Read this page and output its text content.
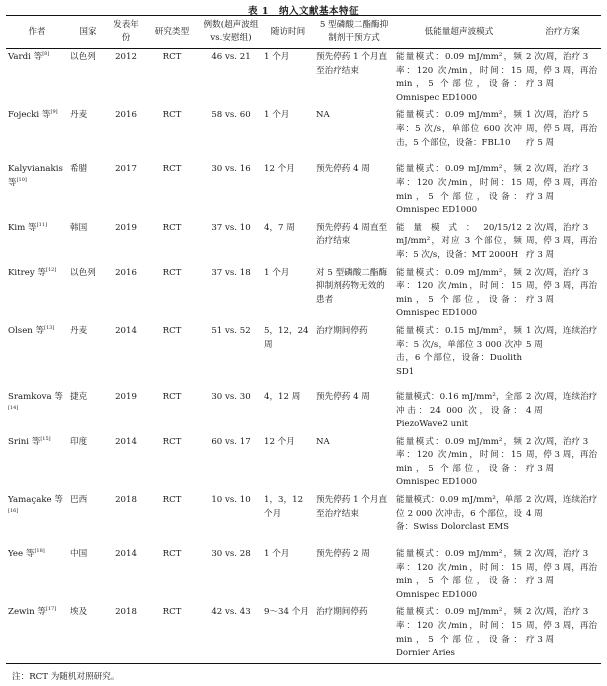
表 1　纳入文献基本特征
作者	国家	发表年份	研究类型	例数(超声波组 vs.安慰组)	随访时间	5 型磷酸二酯酶抑制剂干预方式	低能量超声波模式	治疗方案
Vardi 等[8]	以色列	2012	RCT	46 vs. 21	1 个月	预先停药 1 个月直至治疗结束	能量模式：0.09 mJ/mm²，频率：120 次/min，时间：15 min，5 个部位，设备：Omnispec ED1000	2 次/周，治疗 3 周，停 3 周，再治疗 3 周
Fojecki 等[9]	丹麦	2016	RCT	58 vs. 60	1 个月	NA	能量模式：0.09 mJ/mm²，频率：5 次/s，单部位 600 次冲击，5 个部位，设备：FBL10	1 次/周，治疗 5 周，停 5 周，再治疗 5 周
Kalyvianakis 等[10]	希腊	2017	RCT	30 vs. 16	12 个月	预先停药 4 周	能量模式：0.09 mJ/mm²，频率：120 次/min，时间：15 min，5 个部位，设备：Omnispec ED1000	2 次/周，治疗 3 周，停 3 周，再治疗 3 周
Kim 等[11]	韩国	2019	RCT	37 vs. 10	4，7 周	预先停药 4 周直至治疗结束	能量模式：20/15/12 mJ/mm²，对应 3 个部位，频率：5 次/s，设备：MT 2000H	2 次/周，治疗 3 周，停 3 周，再治疗 3 周
Kitrey 等[12]	以色列	2016	RCT	37 vs. 18	1 个月	对 5 型磷酸二酯酶抑制剂药物无效的患者	能量模式：0.09 mJ/mm²，频率：120 次/min，时间：15 min，5 个部位，设备：Omnispec ED1000	2 次/周，治疗 3 周，停 3 周，再治疗 3 周
Olsen 等[13]	丹麦	2014	RCT	51 vs. 52	5，12，24 周	治疗期间停药	能量模式：0.15 mJ/mm²，频率：5 次/s，单部位 3 000 次冲击，6 个部位，设备：Duolith SD1	1 次/周，连续治疗 5 周
Sramkova 等[14]	捷克	2019	RCT	30 vs. 30	4，12 周	预先停药 4 周	能量模式：0.16 mJ/mm²，全部冲击：24 000 次，设备：PiezoWave2 unit	2 次/周，连续治疗 4 周
Srini 等[15]	印度	2014	RCT	60 vs. 17	12 个月	NA	能量模式：0.09 mJ/mm²，频率：120 次/min，时间：15 min，5 个部位，设备：Omnispec ED1000	2 次/周，治疗 3 周，停 3 周，再治疗 3 周
Yamaçake 等[16]	巴西	2018	RCT	10 vs. 10	1，3，12 个月	预先停药 1 个月直至治疗结束	能量模式：0.09 mJ/mm²，单部位 2 000 次冲击，6 个部位，设备：Swiss Dolorclast EMS	2 次/周，连续治疗 4 周
Yee 等[18]	中国	2014	RCT	30 vs. 28	1 个月	预先停药 2 周	能量模式：0.09 mJ/mm²，频率：120 次/min，时间：15 min，5 个部位，设备：Omnispec ED1000	2 次/周，治疗 3 周，停 3 周，再治疗 3 周
Zewin 等[17]	埃及	2018	RCT	42 vs. 43	9～34 个月	治疗期间停药	能量模式：0.09 mJ/mm²，频率：120 次/min，时间：15 min，5 个部位，设备：Dornier Aries	2 次/周，治疗 3 周，停 3 周，再治疗 3 周
注：RCT 为随机对照研究。
